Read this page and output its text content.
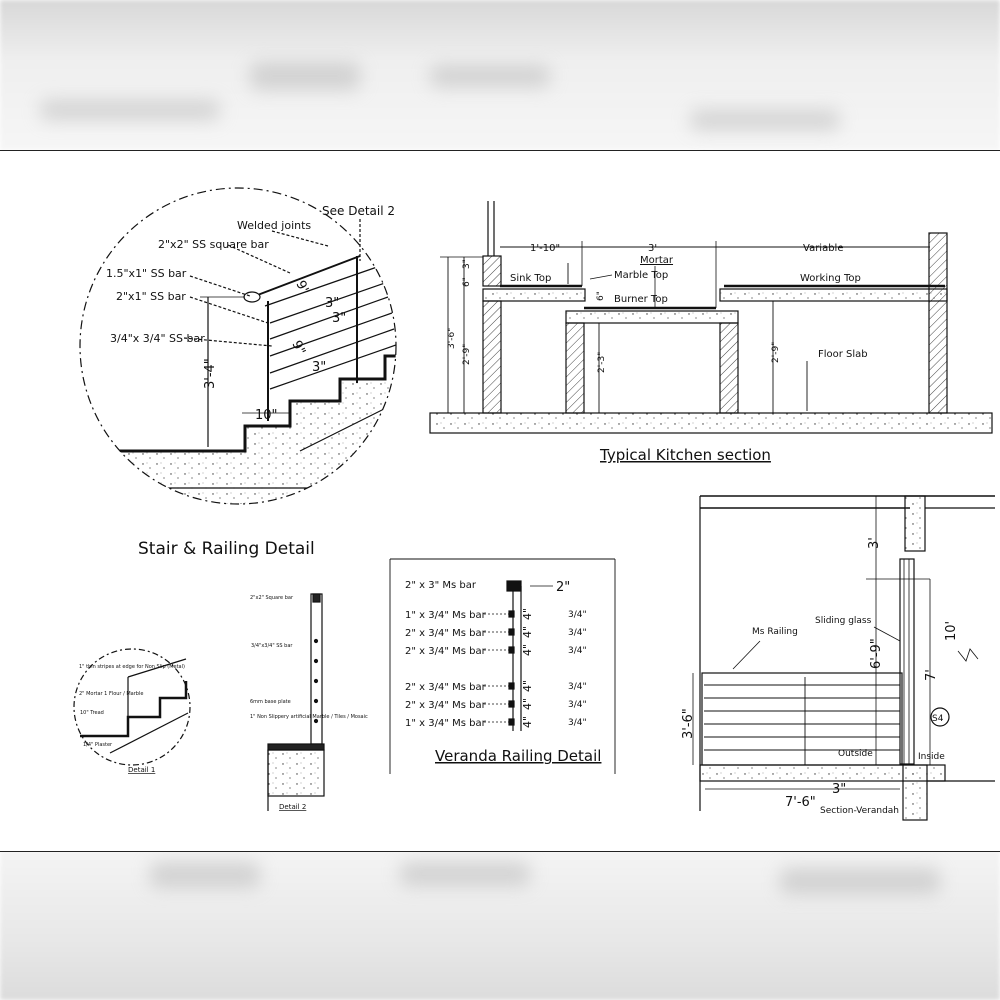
See Detail 2
Welded joints
2"x2" SS square bar
1.5"x1" SS bar
2"x1" SS bar
3/4"x 3/4" SS bar
3'-4"
10"
9"
3"
3"
9"
3"
Stair & Railing Detail
1'-10"	3'	Variable
Sink Top
Mortar
Marble Top
Burner Top
Working Top
Floor Slab
6"
3"
3'-6"
2'-9"
6"
2'-3"	2'-9"
Typical Kitchen section
1" thin stripes at edge for Non Slip (Metal)
2" Mortar 1 Flour / Marble
10" Tread
1/4" Plaster
Detail 1
2"x2" Square bar
3/4"x3/4" SS bar
6mm base plate
1" Non Slippery artificial Marble / Tiles / Mosaic
Detail 2
2" x 3" Ms bar
1" x 3/4" Ms bar	4"	3/4"
2" x 3/4" Ms bar	4"	3/4"
2" x 3/4" Ms bar	4"	3/4"
2" x 3/4" Ms bar	4"	3/4"
2" x 3/4" Ms bar	4"	3/4"
1" x 3/4" Ms bar	4"	3/4"
2"
Veranda Railing Detail
Ms Railing
Sliding glass
Outside	Inside
S4
Section-Verandah
3'
6'-9"
10'
7'
3'-6"
3"
7'-6"
